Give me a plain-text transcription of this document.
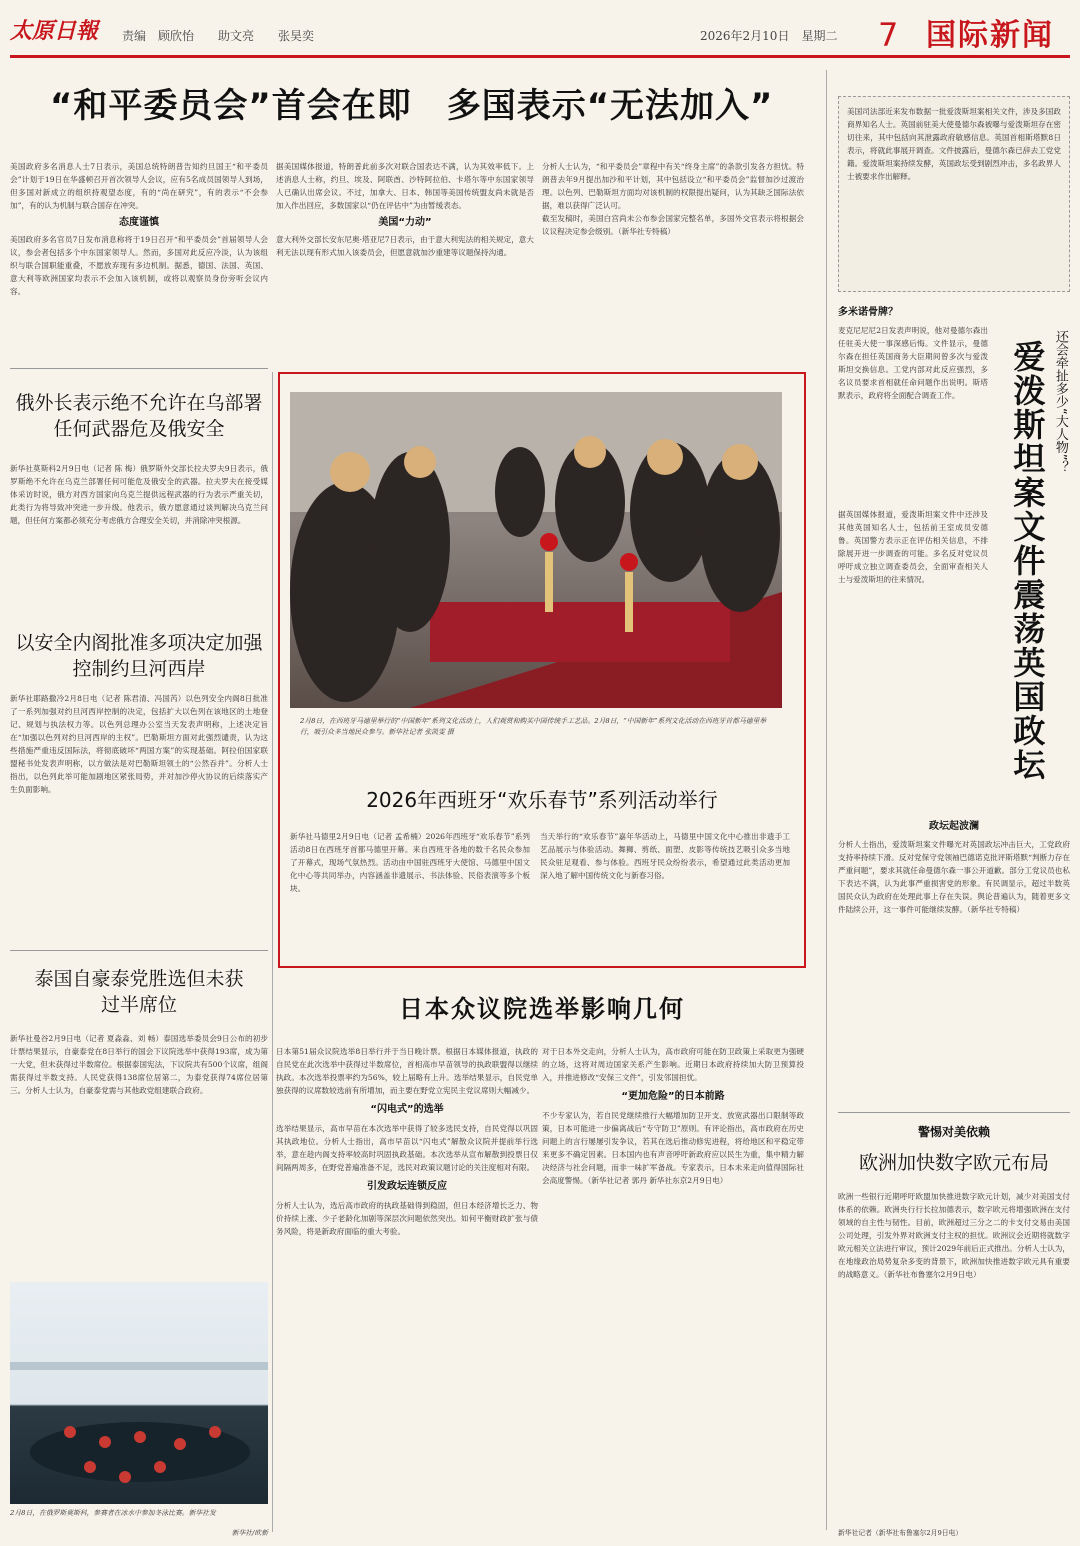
太原日報 责编　顾欣怡　　助文亮　　张昊奕	2026年2月10日　星期二 7 国际新闻
“和平委员会”首会在即　多国表示“无法加入”

美国政府多名消息人士7日表示，美国总统特朗普告知约旦国王“和平委员会”计划于19日在华盛顿召开首次领导人会议，应有5名成员国领导人到场，但多国对新成立的组织持观望态度，有的“尚在研究”，有的表示“不会参加”，有的认为机制与联合国存在冲突。

态度谨慎

美国政府多名官员7日发布消息称将于19日召开“和平委员会”首届领导人会议，参会者包括多个中东国家领导人。然而，多国对此反应冷淡，认为该组织与联合国职能重叠，不愿放弃现有多边机制。据悉，德国、法国、英国、意大利等欧洲国家均表示不会加入该机制，或将以观察员身份旁听会议内容。

据美国媒体报道，特朗普此前多次对联合国表达不满，认为其效率低下。上述消息人士称，约旦、埃及、阿联酋、沙特阿拉伯、卡塔尔等中东国家领导人已确认出席会议。不过，加拿大、日本、韩国等美国传统盟友尚未就是否加入作出回应，多数国家以“仍在评估中”为由暂缓表态。

美国“力动”

意大利外交部长安东尼奥·塔亚尼7日表示，由于意大利宪法的相关规定，意大利无法以现有形式加入该委员会，但愿意就加沙重建等议题保持沟通。

分析人士认为，“和平委员会”章程中有关“终身主席”的条款引发各方担忧。特朗普去年9月提出加沙和平计划，其中包括设立“和平委员会”监督加沙过渡治理。以色列、巴勒斯坦方面均对该机制的权限提出疑问，认为其缺乏国际法依据，难以获得广泛认可。

截至发稿时，美国白宫尚未公布参会国家完整名单，多国外交官表示将根据会议议程决定参会级别。（新华社专特稿）

俄外长表示绝不允许在乌部署任何武器危及俄安全
新华社莫斯科2月9日电（记者 陈 梅）俄罗斯外交部长拉夫罗夫9日表示，俄罗斯绝不允许在乌克兰部署任何可能危及俄安全的武器。拉夫罗夫在接受媒体采访时说，俄方对西方国家向乌克兰提供远程武器的行为表示严重关切，此类行为将导致冲突进一步升级。他表示，俄方愿意通过谈判解决乌克兰问题，但任何方案都必须充分考虑俄方合理安全关切，并消除冲突根源。
以安全内阁批准多项决定加强控制约旦河西岸
新华社耶路撒冷2月8日电（记者 陈君清、冯国芮）以色列安全内阁8日批准了一系列加强对约旦河西岸控制的决定，包括扩大以色列在该地区的土地登记、规划与执法权力等。以色列总理办公室当天发表声明称，上述决定旨在“加强以色列对约旦河西岸的主权”。巴勒斯坦方面对此强烈谴责，认为这些措施严重违反国际法，将彻底破坏“两国方案”的实现基础。阿拉伯国家联盟秘书处发表声明称，以方做法是对巴勒斯坦领土的“公然吞并”。分析人士指出，以色列此举可能加剧地区紧张局势，并对加沙停火协议的后续落实产生负面影响。
泰国自豪泰党胜选但未获过半席位
新华社曼谷2月9日电（记者 夏淼淼、刘 畅）泰国选举委员会9日公布的初步计票结果显示，自豪泰党在8日举行的国会下议院选举中获得193席，成为第一大党，但未获得过半数席位。根据泰国宪法，下议院共有500个议席，组阁需获得过半数支持。人民党获得138席位居第二，为泰党获得74席位居第三。分析人士认为，自豪泰党需与其他政党组建联合政府。
2月8日，在俄罗斯莫斯科，参赛者在冰水中参加冬泳比赛。新华社发
新华社/欧新
2月8日，在西班牙马德里举行的“中国新年”系列文化活动上，人们观赏和购买中国传统手工艺品。2月8日，“中国新年”系列文化活动在西班牙首都马德里举行，吸引众多当地民众参与。新华社记者 张凯雯 摄
2026年西班牙“欢乐春节”系列活动举行
新华社马德里2月9日电（记者 孟希楠）2026年西班牙“欢乐春节”系列活动8日在西班牙首都马德里开幕。来自西班牙各地的数千名民众参加了开幕式，现场气氛热烈。活动由中国驻西班牙大使馆、马德里中国文化中心等共同举办，内容涵盖非遗展示、书法体验、民俗表演等多个板块。
当天举行的“欢乐春节”嘉年华活动上，马德里中国文化中心推出非遗手工艺品展示与体验活动。舞狮、剪纸、面塑、皮影等传统技艺吸引众多当地民众驻足观看、参与体验。西班牙民众纷纷表示，希望通过此类活动更加深入地了解中国传统文化与新春习俗。
日本众议院选举影响几何

日本第51届众议院选举8日举行并于当日晚计票。根据日本媒体报道，执政的自民党在此次选举中获得过半数席位，首相高市早苗领导的执政联盟得以继续执政。本次选举投票率约为56%，较上届略有上升。选举结果显示，自民党单独获得的议席数较选前有所增加，而主要在野党立宪民主党议席则大幅减少。

“闪电式”的选举

选举结果显示，高市早苗在本次选举中获得了较多选民支持，自民党得以巩固其执政地位。分析人士指出，高市早苗以“闪电式”解散众议院并提前举行选举，意在趁内阁支持率较高时巩固执政基础。本次选举从宣布解散到投票日仅间隔两周多，在野党普遍准备不足，选民对政策议题讨论的关注度相对有限。

引发政坛连锁反应

分析人士认为，选后高市政府的执政基础得到稳固，但日本经济增长乏力、物价持续上涨、少子老龄化加剧等深层次问题依然突出。如何平衡财政扩张与债务风险，将是新政府面临的重大考验。

对于日本外交走向，分析人士认为，高市政府可能在防卫政策上采取更为强硬的立场，这将对周边国家关系产生影响。近期日本政府持续加大防卫预算投入，并推进修改“安保三文件”，引发邻国担忧。

“更加危险”的日本前路

不少专家认为，若自民党继续推行大幅增加防卫开支、放宽武器出口限制等政策，日本可能进一步偏离战后“专守防卫”原则。有评论指出，高市政府在历史问题上的言行屡屡引发争议，若其在选后推动修宪进程，将给地区和平稳定带来更多不确定因素。日本国内也有声音呼吁新政府应以民生为重，集中精力解决经济与社会问题，而非一味扩军备战。专家表示，日本未来走向值得国际社会高度警惕。（新华社记者 郭丹 新华社东京2月9日电）

美国司法部近来发布数据一批爱泼斯坦案相关文件，涉及多国政商界知名人士。英国前驻美大使曼德尔森被曝与爱泼斯坦存在密切往来，其中包括向其泄露政府敏感信息。英国首相斯塔默8日表示，将就此事展开调查。文件披露后，曼德尔森已辞去工党党籍。爱泼斯坦案持续发酵，英国政坛受到剧烈冲击，多名政界人士被要求作出解释。
多米诺骨牌？
麦克尼尼尼2日发表声明说，他对曼德尔森出任驻美大使一事深感后悔。文件显示，曼德尔森在担任英国商务大臣期间曾多次与爱泼斯坦交换信息。工党内部对此反应强烈，多名议员要求首相就任命问题作出说明。斯塔默表示，政府将全面配合调查工作。
据英国媒体报道，爱泼斯坦案文件中还涉及其他英国知名人士，包括前王室成员安德鲁。英国警方表示正在评估相关信息，不排除展开进一步调查的可能。多名反对党议员呼吁成立独立调查委员会，全面审查相关人士与爱泼斯坦的往来情况。
还会牵扯多少“大人物”？
爱泼斯坦案文件震荡英国政坛
政坛起波澜
分析人士指出，爱泼斯坦案文件曝光对英国政坛冲击巨大，工党政府支持率持续下滑。反对党保守党领袖巴德诺克批评斯塔默“判断力存在严重问题”，要求其就任命曼德尔森一事公开道歉。部分工党议员也私下表达不满，认为此事严重损害党的形象。有民调显示，超过半数英国民众认为政府在处理此事上存在失误。舆论普遍认为，随着更多文件陆续公开，这一事件可能继续发酵。（新华社专特稿）
警惕对美依赖
欧洲加快数字欧元布局
欧洲一些银行近期呼吁欧盟加快推进数字欧元计划，减少对美国支付体系的依赖。欧洲央行行长拉加德表示，数字欧元将增强欧洲在支付领域的自主性与韧性。目前，欧洲超过三分之二的卡支付交易由美国公司处理，引发外界对欧洲支付主权的担忧。欧洲议会近期将就数字欧元相关立法进行审议，预计2029年前后正式推出。分析人士认为，在地缘政治局势复杂多变的背景下，欧洲加快推进数字欧元具有重要的战略意义。（新华社布鲁塞尔2月9日电）
新华社记者（新华社布鲁塞尔2月9日电）
